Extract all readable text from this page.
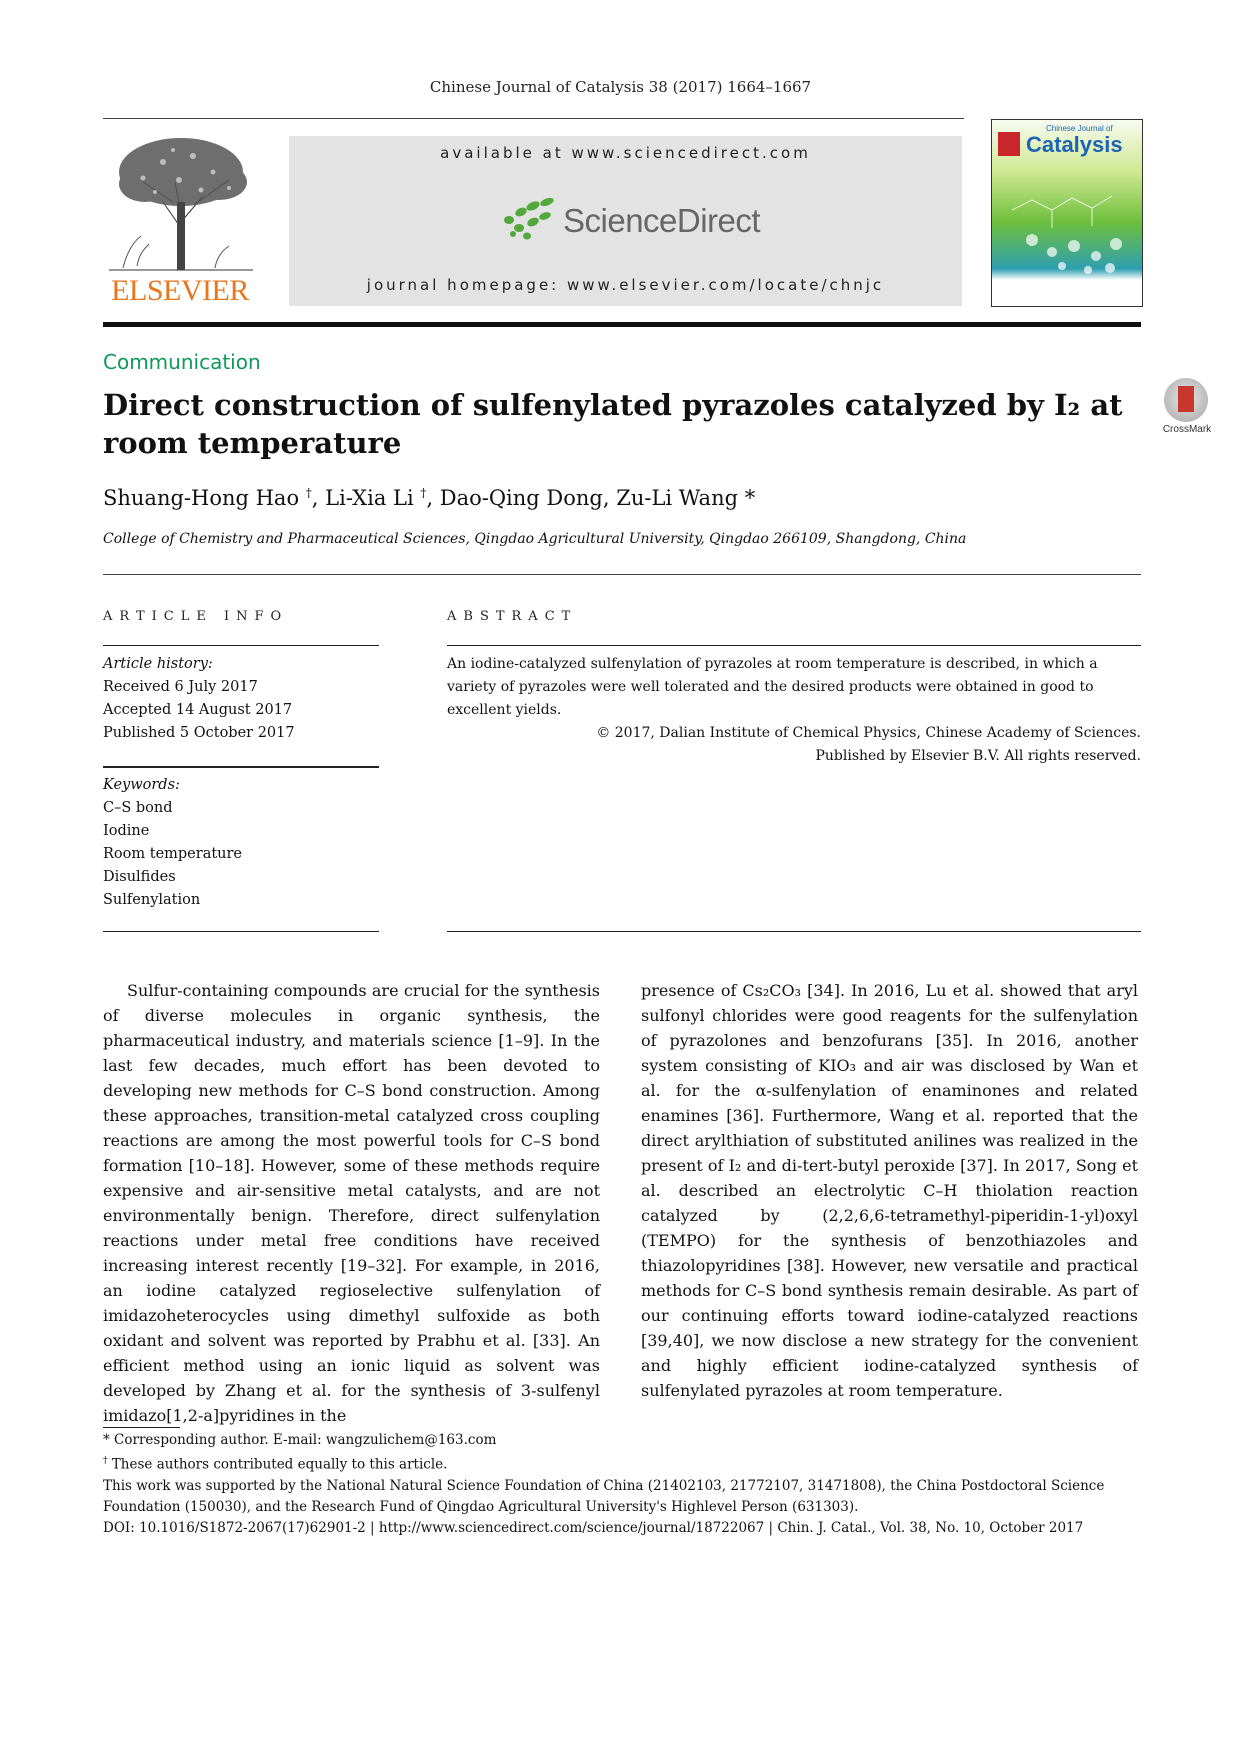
Chinese Journal of Catalysis 38 (2017) 1664–1667
ELSEVIER
available at www.sciencedirect.com
ScienceDirect
journal homepage: www.elsevier.com/locate/chnjc
Chinese Journal of
Catalysis
Communication
Direct construction of sulfenylated pyrazoles catalyzed by I₂ at room temperature	CrossMark
Shuang-Hong Hao †, Li-Xia Li †, Dao-Qing Dong, Zu-Li Wang *
College of Chemistry and Pharmaceutical Sciences, Qingdao Agricultural University, Qingdao 266109, Shangdong, China
ARTICLE INFO	ABSTRACT
Article history:
Received 6 July 2017
Accepted 14 August 2017
Published 5 October 2017
Keywords:
C–S bond
Iodine
Room temperature
Disulfides
Sulfenylation

An iodine-catalyzed sulfenylation of pyrazoles at room temperature is described, in which a variety of pyrazoles were well tolerated and the desired products were obtained in good to excellent yields.

© 2017, Dalian Institute of Chemical Physics, Chinese Academy of Sciences.

Published by Elsevier B.V. All rights reserved.

Sulfur-containing compounds are crucial for the synthesis of diverse molecules in organic synthesis, the pharmaceutical industry, and materials science [1–9]. In the last few decades, much effort has been devoted to developing new methods for C–S bond construction. Among these approaches, transition-metal catalyzed cross coupling reactions are among the most powerful tools for C–S bond formation [10–18]. However, some of these methods require expensive and air-sensitive metal catalysts, and are not environmentally benign. Therefore, direct sulfenylation reactions under metal free conditions have received increasing interest recently [19–32]. For example, in 2016, an iodine catalyzed regioselective sulfenylation of imidazoheterocycles using dimethyl sulfoxide as both oxidant and solvent was reported by Prabhu et al. [33]. An efficient method using an ionic liquid as solvent was developed by Zhang et al. for the synthesis of 3-sulfenyl imidazo[1,2-a]pyridines in the

presence of Cs₂CO₃ [34]. In 2016, Lu et al. showed that aryl sulfonyl chlorides were good reagents for the sulfenylation of pyrazolones and benzofurans [35]. In 2016, another system consisting of KIO₃ and air was disclosed by Wan et al. for the α-sulfenylation of enaminones and related enamines [36]. Furthermore, Wang et al. reported that the direct arylthiation of substituted anilines was realized in the present of I₂ and di-tert-butyl peroxide [37]. In 2017, Song et al. described an electrolytic C–H thiolation reaction catalyzed by (2,2,6,6-tetramethyl-piperidin-1-yl)oxyl (TEMPO) for the synthesis of benzothiazoles and thiazolopyridines [38]. However, new versatile and practical methods for C–S bond synthesis remain desirable. As part of our continuing efforts toward iodine-catalyzed reactions [39,40], we now disclose a new strategy for the convenient and highly efficient iodine-catalyzed synthesis of sulfenylated pyrazoles at room temperature.

* Corresponding author. E-mail: wangzulichem@163.com

† These authors contributed equally to this article.

This work was supported by the National Natural Science Foundation of China (21402103, 21772107, 31471808), the China Postdoctoral Science Foundation (150030), and the Research Fund of Qingdao Agricultural University's Highlevel Person (631303).

DOI: 10.1016/S1872-2067(17)62901-2 | http://www.sciencedirect.com/science/journal/18722067 | Chin. J. Catal., Vol. 38, No. 10, October 2017
